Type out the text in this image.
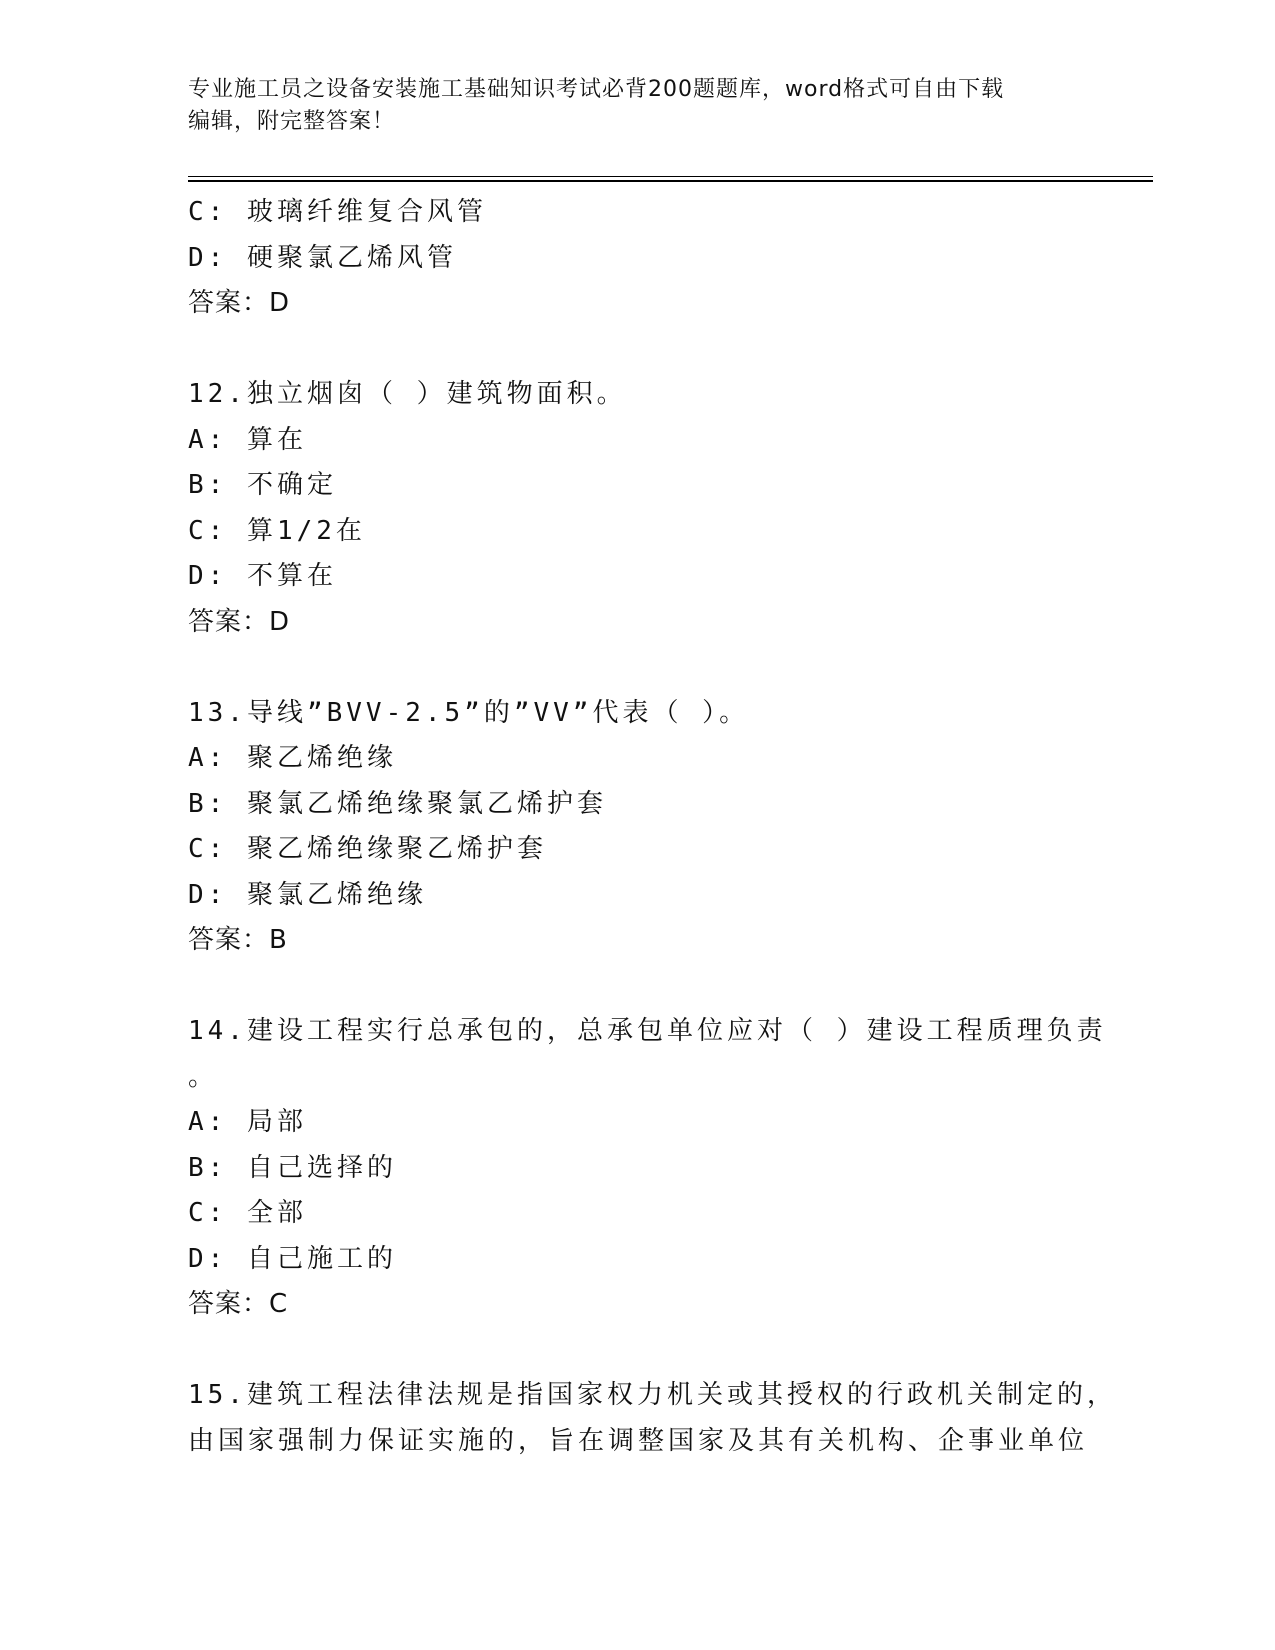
专业施工员之设备安装施工基础知识考试必背200题题库，word格式可自由下载
编辑，附完整答案！
C: 玻璃纤维复合风管
D: 硬聚氯乙烯风管
答案：D
12.独立烟囱（ ）建筑物面积。
A: 算在
B: 不确定
C: 算1/2在
D: 不算在
答案：D
13.导线”BVV-2.5”的”VV”代表（ ）。
A: 聚乙烯绝缘
B: 聚氯乙烯绝缘聚氯乙烯护套
C: 聚乙烯绝缘聚乙烯护套
D: 聚氯乙烯绝缘
答案：B
14.建设工程实行总承包的，总承包单位应对（ ）建设工程质理负责
。
A: 局部
B: 自己选择的
C: 全部
D: 自己施工的
答案：C
15.建筑工程法律法规是指国家权力机关或其授权的行政机关制定的，
由国家强制力保证实施的，旨在调整国家及其有关机构、企事业单位
